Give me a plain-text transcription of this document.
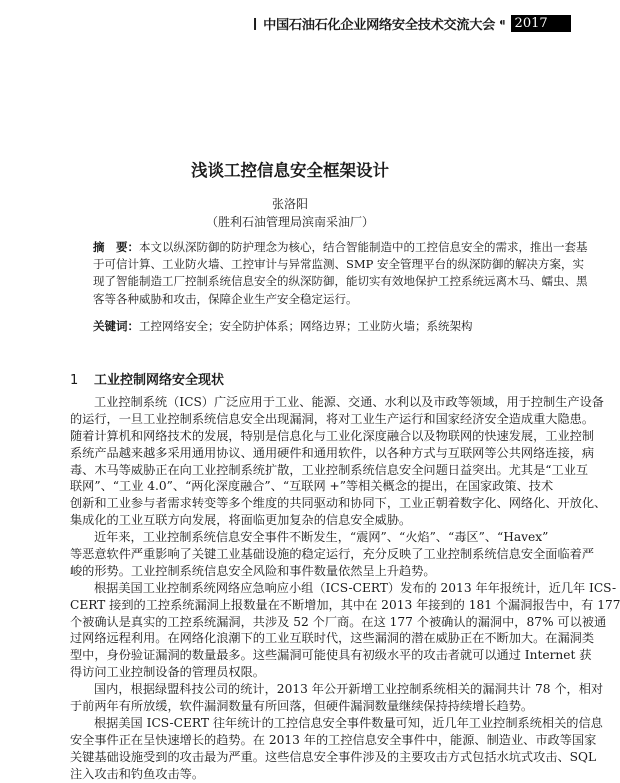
❙ 中国石油石化企业网络安全技术交流大会 ⁌ 2017
浅谈工控信息安全框架设计
张洛阳
（胜利石油管理局滨南采油厂）
摘　要：本文以纵深防御的防护理念为核心，结合智能制造中的工控信息安全的需求，推出一套基
于可信计算、工业防火墙、工控审计与异常监测、SMP 安全管理平台的纵深防御的解决方案，实
现了智能制造工厂控制系统信息安全的纵深防御，能切实有效地保护工控系统远离木马、蠕虫、黑
客等各种威胁和攻击，保障企业生产安全稳定运行。
关键词：工控网络安全；安全防护体系；网络边界；工业防火墙；系统架构
1 工业控制网络安全现状
工业控制系统（ICS）广泛应用于工业、能源、交通、水利以及市政等领域，用于控制生产设备
的运行，一旦工业控制系统信息安全出现漏洞，将对工业生产运行和国家经济安全造成重大隐患。
随着计算机和网络技术的发展，特别是信息化与工业化深度融合以及物联网的快速发展，工业控制
系统产品越来越多采用通用协议、通用硬件和通用软件，以各种方式与互联网等公共网络连接，病
毒、木马等威胁正在向工业控制系统扩散，工业控制系统信息安全问题日益突出。尤其是“工业互
联网”、“工业 4.0”、“两化深度融合”、“互联网 +”等相关概念的提出，在国家政策、技术
创新和工业参与者需求转变等多个维度的共同驱动和协同下，工业正朝着数字化、网络化、开放化、
集成化的工业互联方向发展，将面临更加复杂的信息安全威胁。
近年来，工业控制系统信息安全事件不断发生，“震网”、“火焰”、“毒区”、“Havex”
等恶意软件严重影响了关键工业基础设施的稳定运行，充分反映了工业控制系统信息安全面临着严
峻的形势。工业控制系统信息安全风险和事件数量依然呈上升趋势。
根据美国工业控制系统网络应急响应小组（ICS-CERT）发布的 2013 年年报统计，近几年 ICS-
CERT 接到的工控系统漏洞上报数量在不断增加，其中在 2013 年接到的 181 个漏洞报告中，有 177
个被确认是真实的工控系统漏洞，共涉及 52 个厂商。在这 177 个被确认的漏洞中，87% 可以被通
过网络远程利用。在网络化浪潮下的工业互联时代，这些漏洞的潜在威胁正在不断加大。在漏洞类
型中，身份验证漏洞的数量最多。这些漏洞可能使具有初级水平的攻击者就可以通过 Internet 获
得访问工业控制设备的管理员权限。
国内，根据绿盟科技公司的统计，2013 年公开新增工业控制系统相关的漏洞共计 78 个，相对
于前两年有所放缓，软件漏洞数量有所回落，但硬件漏洞数量继续保持持续增长趋势。
根据美国 ICS-CERT 往年统计的工控信息安全事件数量可知，近几年工业控制系统相关的信息
安全事件正在呈快速增长的趋势。在 2013 年的工控信息安全事件中，能源、制造业、市政等国家
关键基础设施受到的攻击最为严重。这些信息安全事件涉及的主要攻击方式包括水坑式攻击、SQL
注入攻击和钓鱼攻击等。
